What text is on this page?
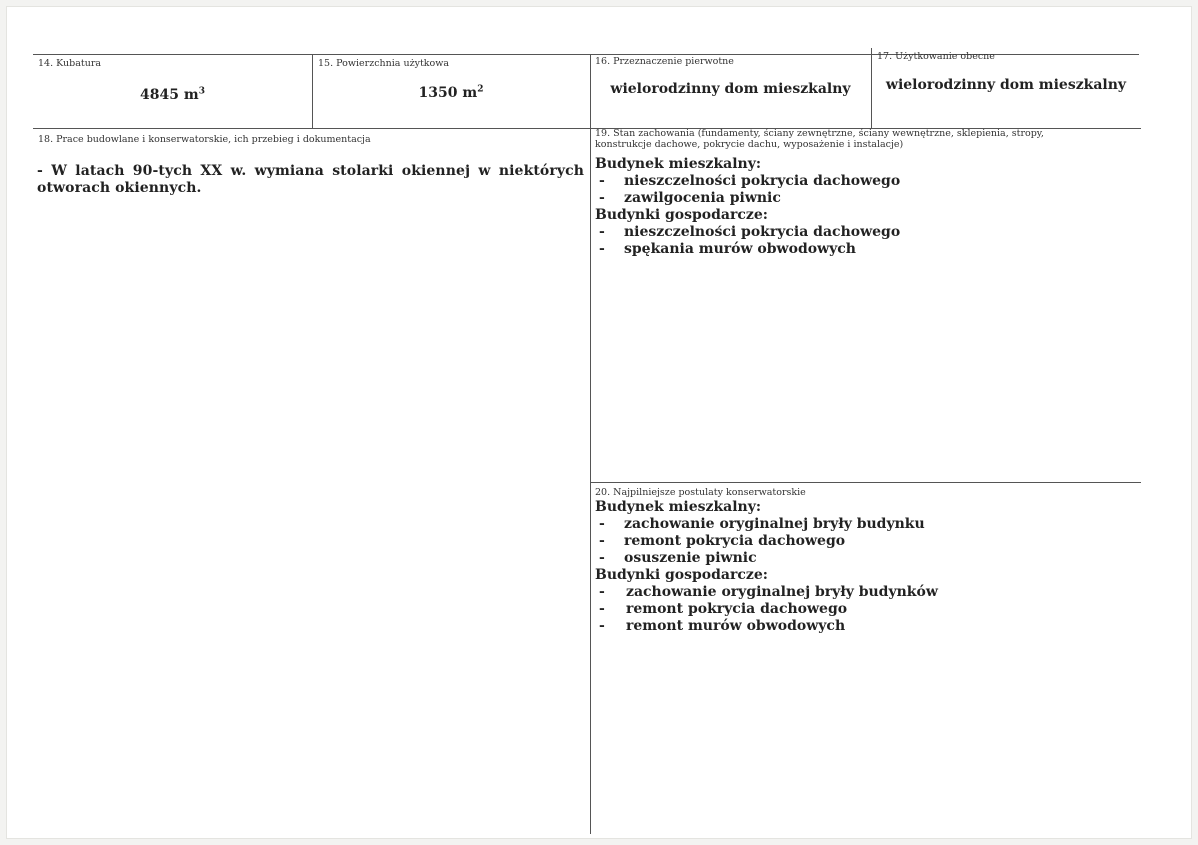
14. Kubatura
4845 $m^3$
15. Powierzchnia użytkowa
1350 $m^2$
16. Przeznaczenie pierwotne
wielorodzinny dom mieszkalny
17. Użytkowanie obecne
wielorodzinny dom mieszkalny
18. Prace budowlane i konserwatorskie, ich przebieg i dokumentacja
- W latach 90-tych XX w. wymiana stolarki okiennej w niektórych otworach okiennych.
19. Stan zachowania (fundamenty, ściany zewnętrzne, ściany wewnętrzne, sklepienia, stropy,
konstrukcje dachowe, pokrycie dachu, wyposażenie i instalacje)
Budynek mieszkalny:
- nieszczelności pokrycia dachowego
- zawilgocenia piwnic
Budynki gospodarcze:
- nieszczelności pokrycia dachowego
- spękania murów obwodowych
20. Najpilniejsze postulaty konserwatorskie
Budynek mieszkalny:
- zachowanie oryginalnej bryły budynku
- remont pokrycia dachowego
- osuszenie piwnic
Budynki gospodarcze:
- zachowanie oryginalnej bryły budynków
- remont pokrycia dachowego
- remont murów obwodowych
